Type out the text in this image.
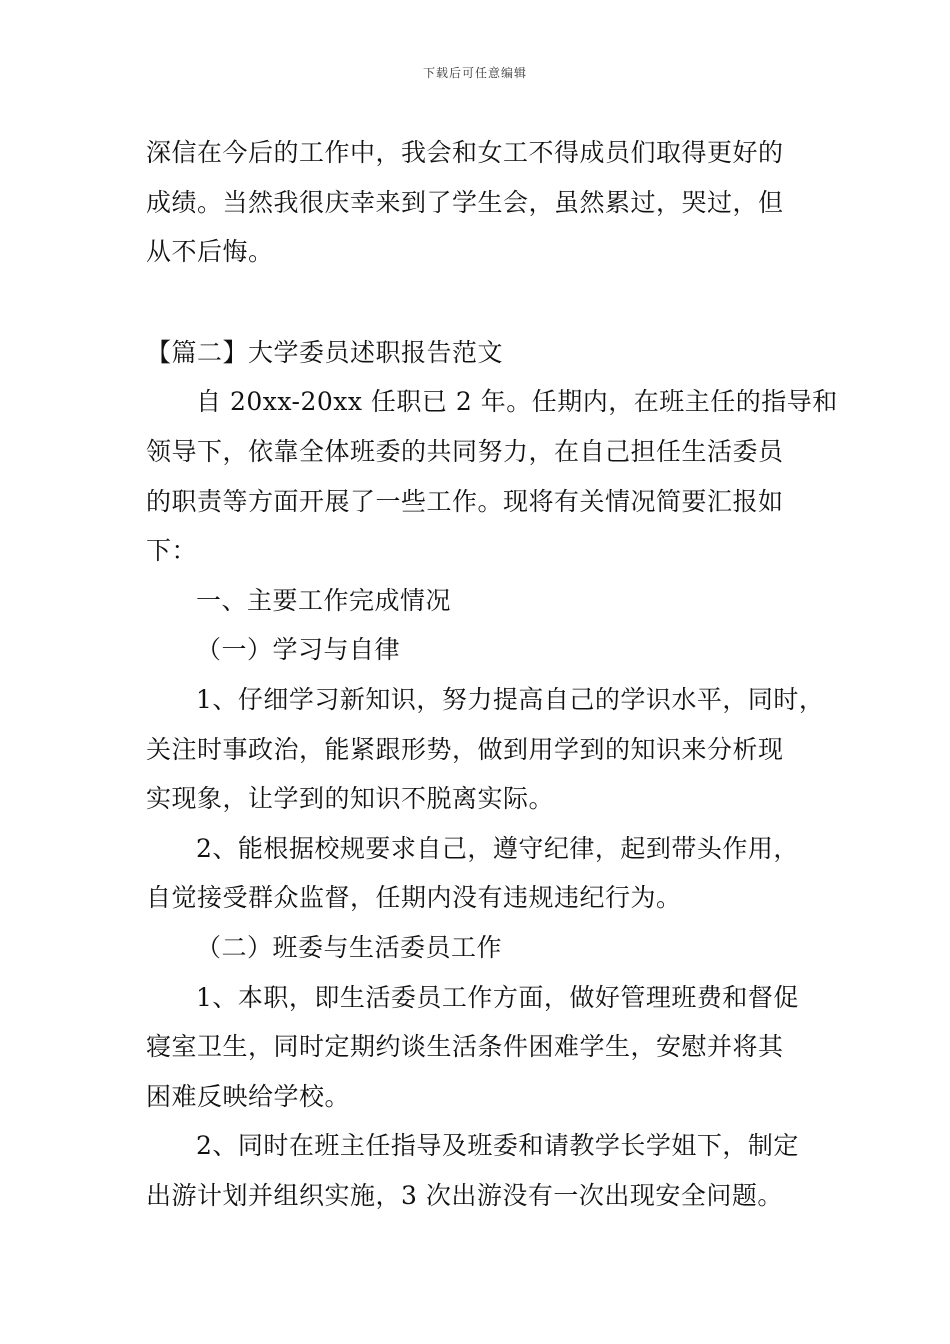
下载后可任意编辑
深信在今后的工作中，我会和女工不得成员们取得更好的
成绩。当然我很庆幸来到了学生会，虽然累过，哭过，但
从不后悔。
【篇二】大学委员述职报告范文
自 20xx-20xx 任职已 2 年。任期内，在班主任的指导和
领导下，依靠全体班委的共同努力，在自己担任生活委员
的职责等方面开展了一些工作。现将有关情况简要汇报如
下：
一、主要工作完成情况
（一）学习与自律
1、仔细学习新知识，努力提高自己的学识水平，同时，
关注时事政治，能紧跟形势，做到用学到的知识来分析现
实现象，让学到的知识不脱离实际。
2、能根据校规要求自己，遵守纪律，起到带头作用，
自觉接受群众监督，任期内没有违规违纪行为。
（二）班委与生活委员工作
1、本职，即生活委员工作方面，做好管理班费和督促
寝室卫生，同时定期约谈生活条件困难学生，安慰并将其
困难反映给学校。
2、同时在班主任指导及班委和请教学长学姐下，制定
出游计划并组织实施，3 次出游没有一次出现安全问题。
